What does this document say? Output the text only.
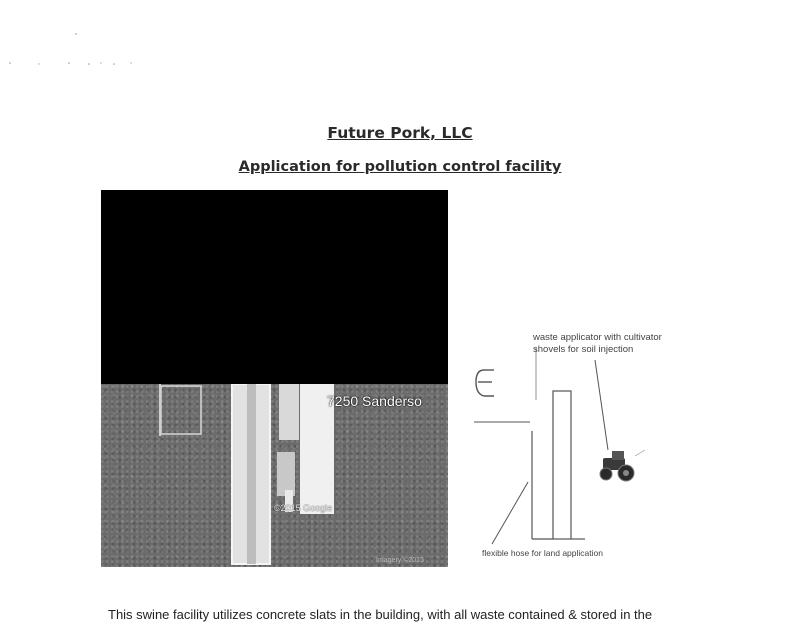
Future Pork, LLC
Application for pollution control facility
7250 Sanderso
©2015 Google
Imagery ©2015
waste applicator with cultivator shovels for soil injection
flexible hose for land application
This swine facility utilizes concrete slats in the building, with all waste contained & stored in the
